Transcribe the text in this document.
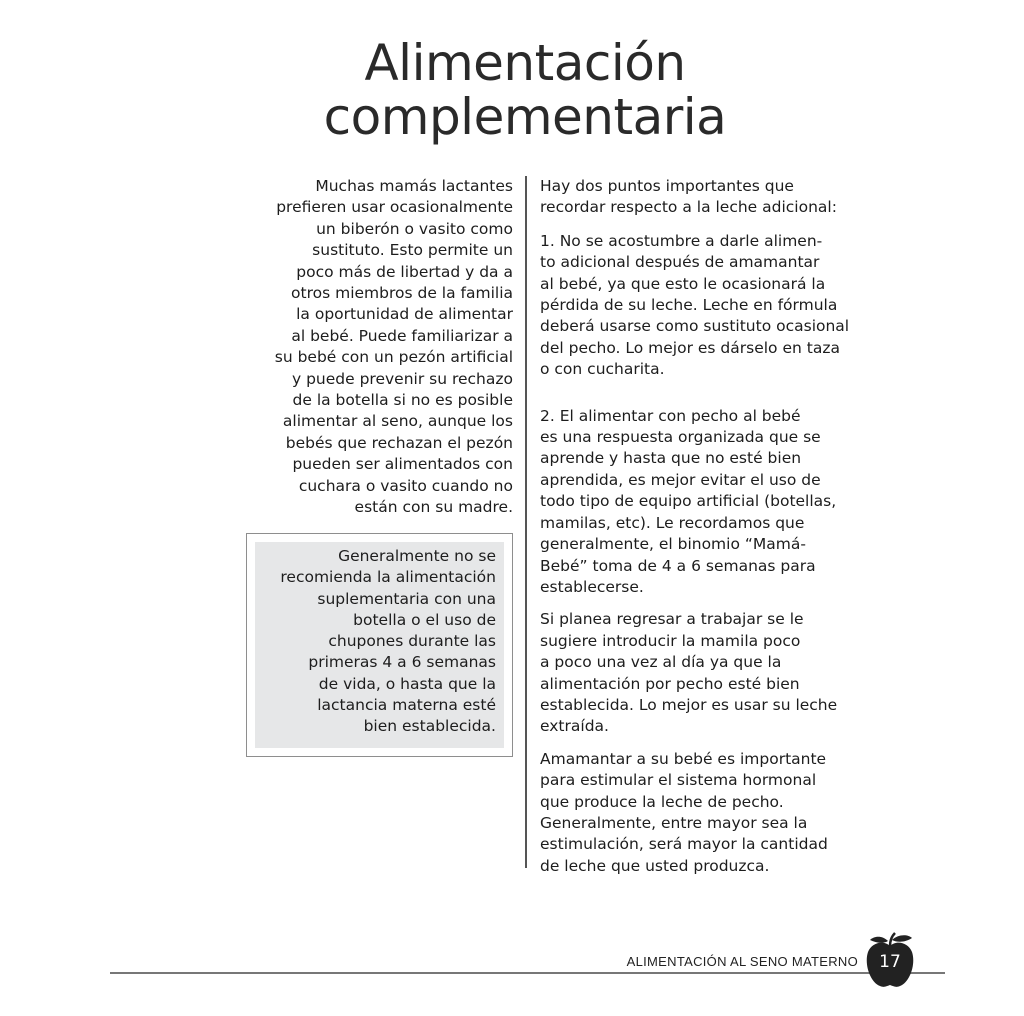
Alimentación
complementaria
Muchas mamás lactantes
prefieren usar ocasionalmente
un biberón o vasito como
sustituto. Esto permite un
poco más de libertad y da a
otros miembros de la familia
la oportunidad de alimentar
al bebé. Puede familiarizar a
su bebé con un pezón artificial
y puede prevenir su rechazo
de la botella si no es posible
alimentar al seno, aunque los
bebés que rechazan el pezón
pueden ser alimentados con
cuchara o vasito cuando no
están con su madre.
Generalmente no se
recomienda la alimentación
suplementaria con una
botella o el uso de
chupones durante las
primeras 4 a 6 semanas
de vida, o hasta que la
lactancia materna esté
bien establecida.

Hay dos puntos importantes que
recordar respecto a la leche adicional:

1. No se acostumbre a darle alimen-
to adicional después de amamantar
al bebé, ya que esto le ocasionará la
pérdida de su leche. Leche en fórmula
deberá usarse como sustituto ocasional
del pecho. Lo mejor es dárselo en taza
o con cucharita.

2. El alimentar con pecho al bebé
es una respuesta organizada que se
aprende y hasta que no esté bien
aprendida, es mejor evitar el uso de
todo tipo de equipo artificial (botellas,
mamilas, etc). Le recordamos que
generalmente, el binomio “Mamá-
Bebé” toma de 4 a 6 semanas para
establecerse.

Si planea regresar a trabajar se le
sugiere introducir la mamila poco
a poco una vez al día ya que la
alimentación por pecho esté bien
establecida. Lo mejor es usar su leche
extraída.

Amamantar a su bebé es importante
para estimular el sistema hormonal
que produce la leche de pecho.
Generalmente, entre mayor sea la
estimulación, será mayor la cantidad
de leche que usted produzca.

ALIMENTACIÓN AL SENO MATERNO	17
